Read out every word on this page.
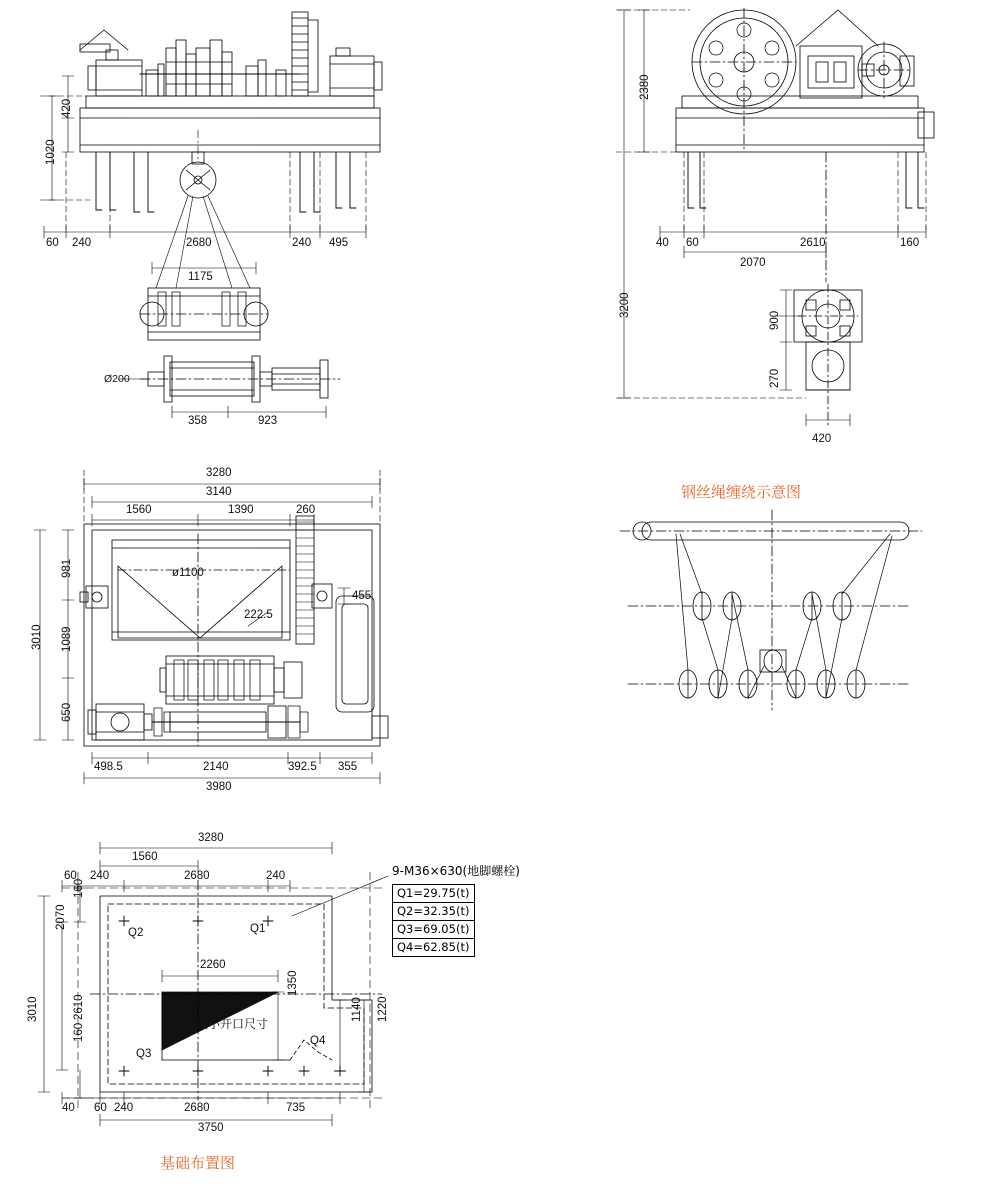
420
1020
60 240	2680	240 495
1175
Ø200
358	923
2380
3200
40 60	2610	160
2070
900
270
420
3280
3140
1560	1390	260
981
3010 1089
650
ø1100
222.5
455
498.5	2140	392.5 355
3980
钢丝绳缠绕示意图
3280
1560
60 240	2680	240
160
2070
3010	2610
2260
1350
1140 1220
160
40 60 240	2680	735
3750
Q1
Q2
Q3
Q4
最小开口尺寸
9-M36×630(地脚螺栓)
Q1=29.75(t)
Q2=32.35(t)
Q3=69.05(t)
Q4=62.85(t)
基础布置图
